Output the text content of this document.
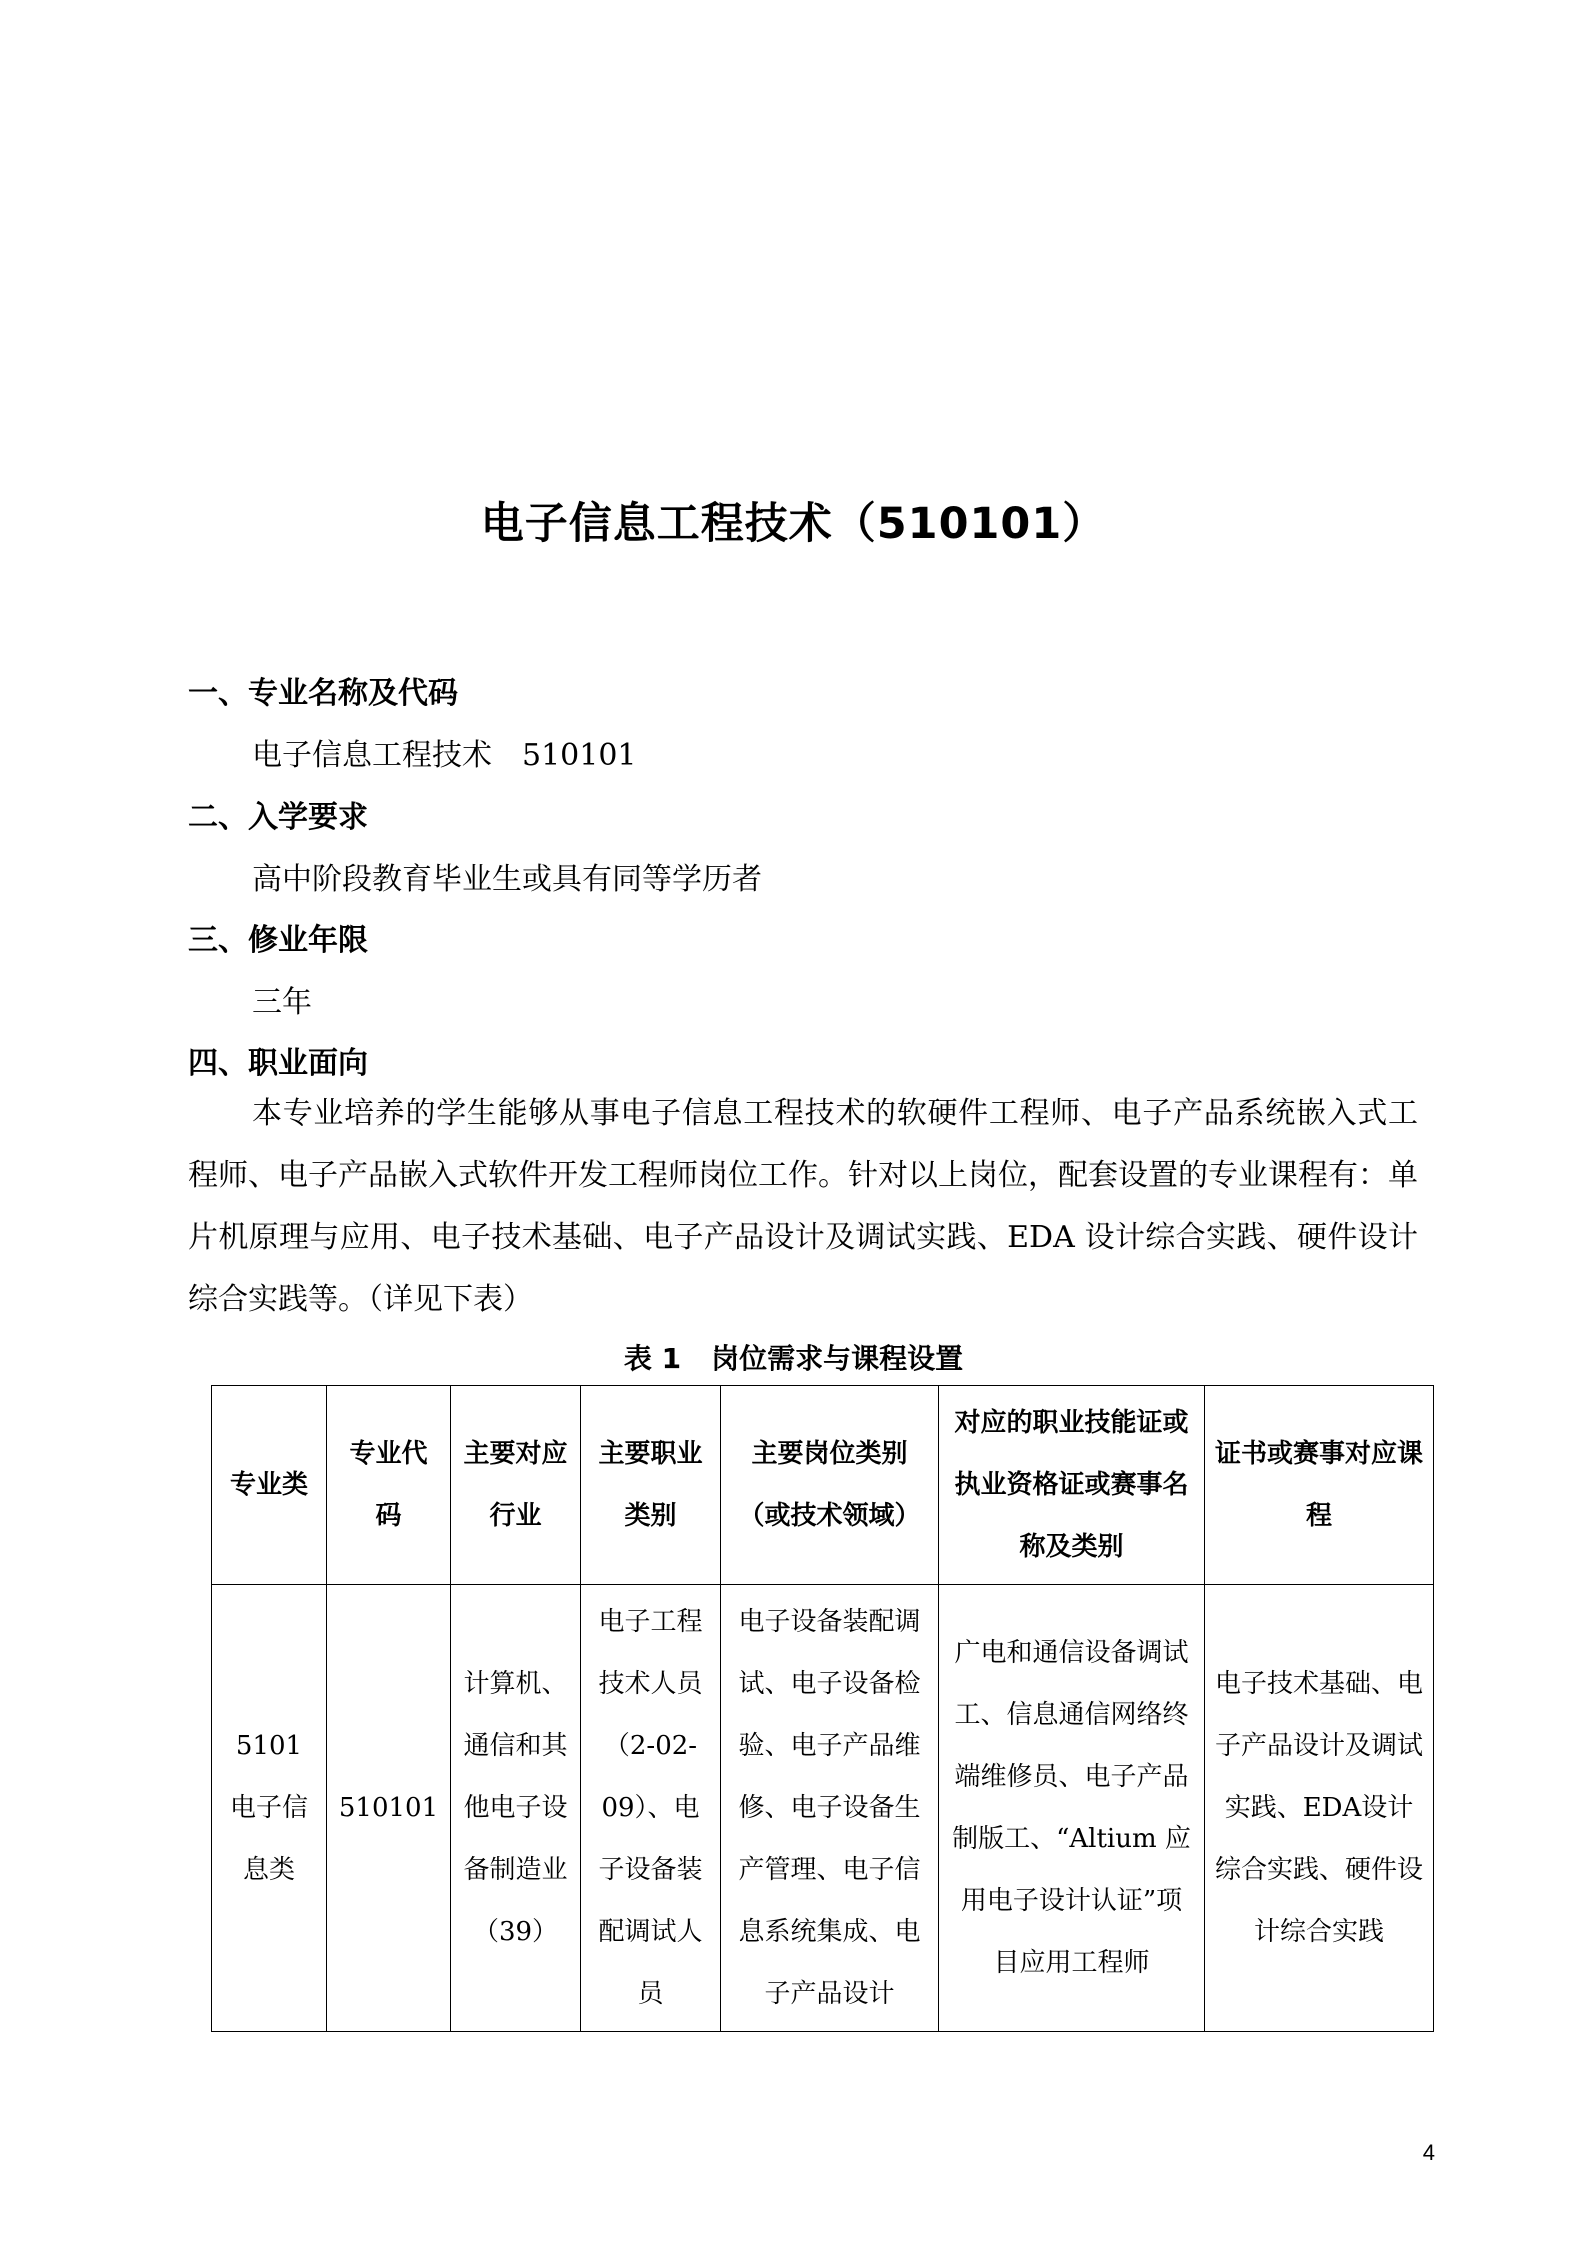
电子信息工程技术（510101）
一、专业名称及代码
电子信息工程技术　510101
二、入学要求
高中阶段教育毕业生或具有同等学历者
三、修业年限
三年
四、职业面向
本专业培养的学生能够从事电子信息工程技术的软硬件工程师、电子产品系统嵌入式工程师、电子产品嵌入式软件开发工程师岗位工作。针对以上岗位，配套设置的专业课程有：单片机原理与应用、电子技术基础、电子产品设计及调试实践、EDA 设计综合实践、硬件设计综合实践等。（详见下表）
表 1 岗位需求与课程设置
专业类	专业代码	主要对应行业	主要职业类别	主要岗位类别（或技术领域）	对应的职业技能证或执业资格证或赛事名称及类别	证书或赛事对应课程
5101 电子信息类	510101	计算机、通信和其他电子设备制造业（39）	电子工程技术人员（2-02-09）、电子设备装配调试人员	电子设备装配调试、电子设备检验、电子产品维修、电子设备生产管理、电子信息系统集成、电子产品设计	广电和通信设备调试工、信息通信网络终端维修员、电子产品制版工、“Altium 应用电子设计认证”项目应用工程师	电子技术基础、电子产品设计及调试实践、EDA设计综合实践、硬件设计综合实践
4
